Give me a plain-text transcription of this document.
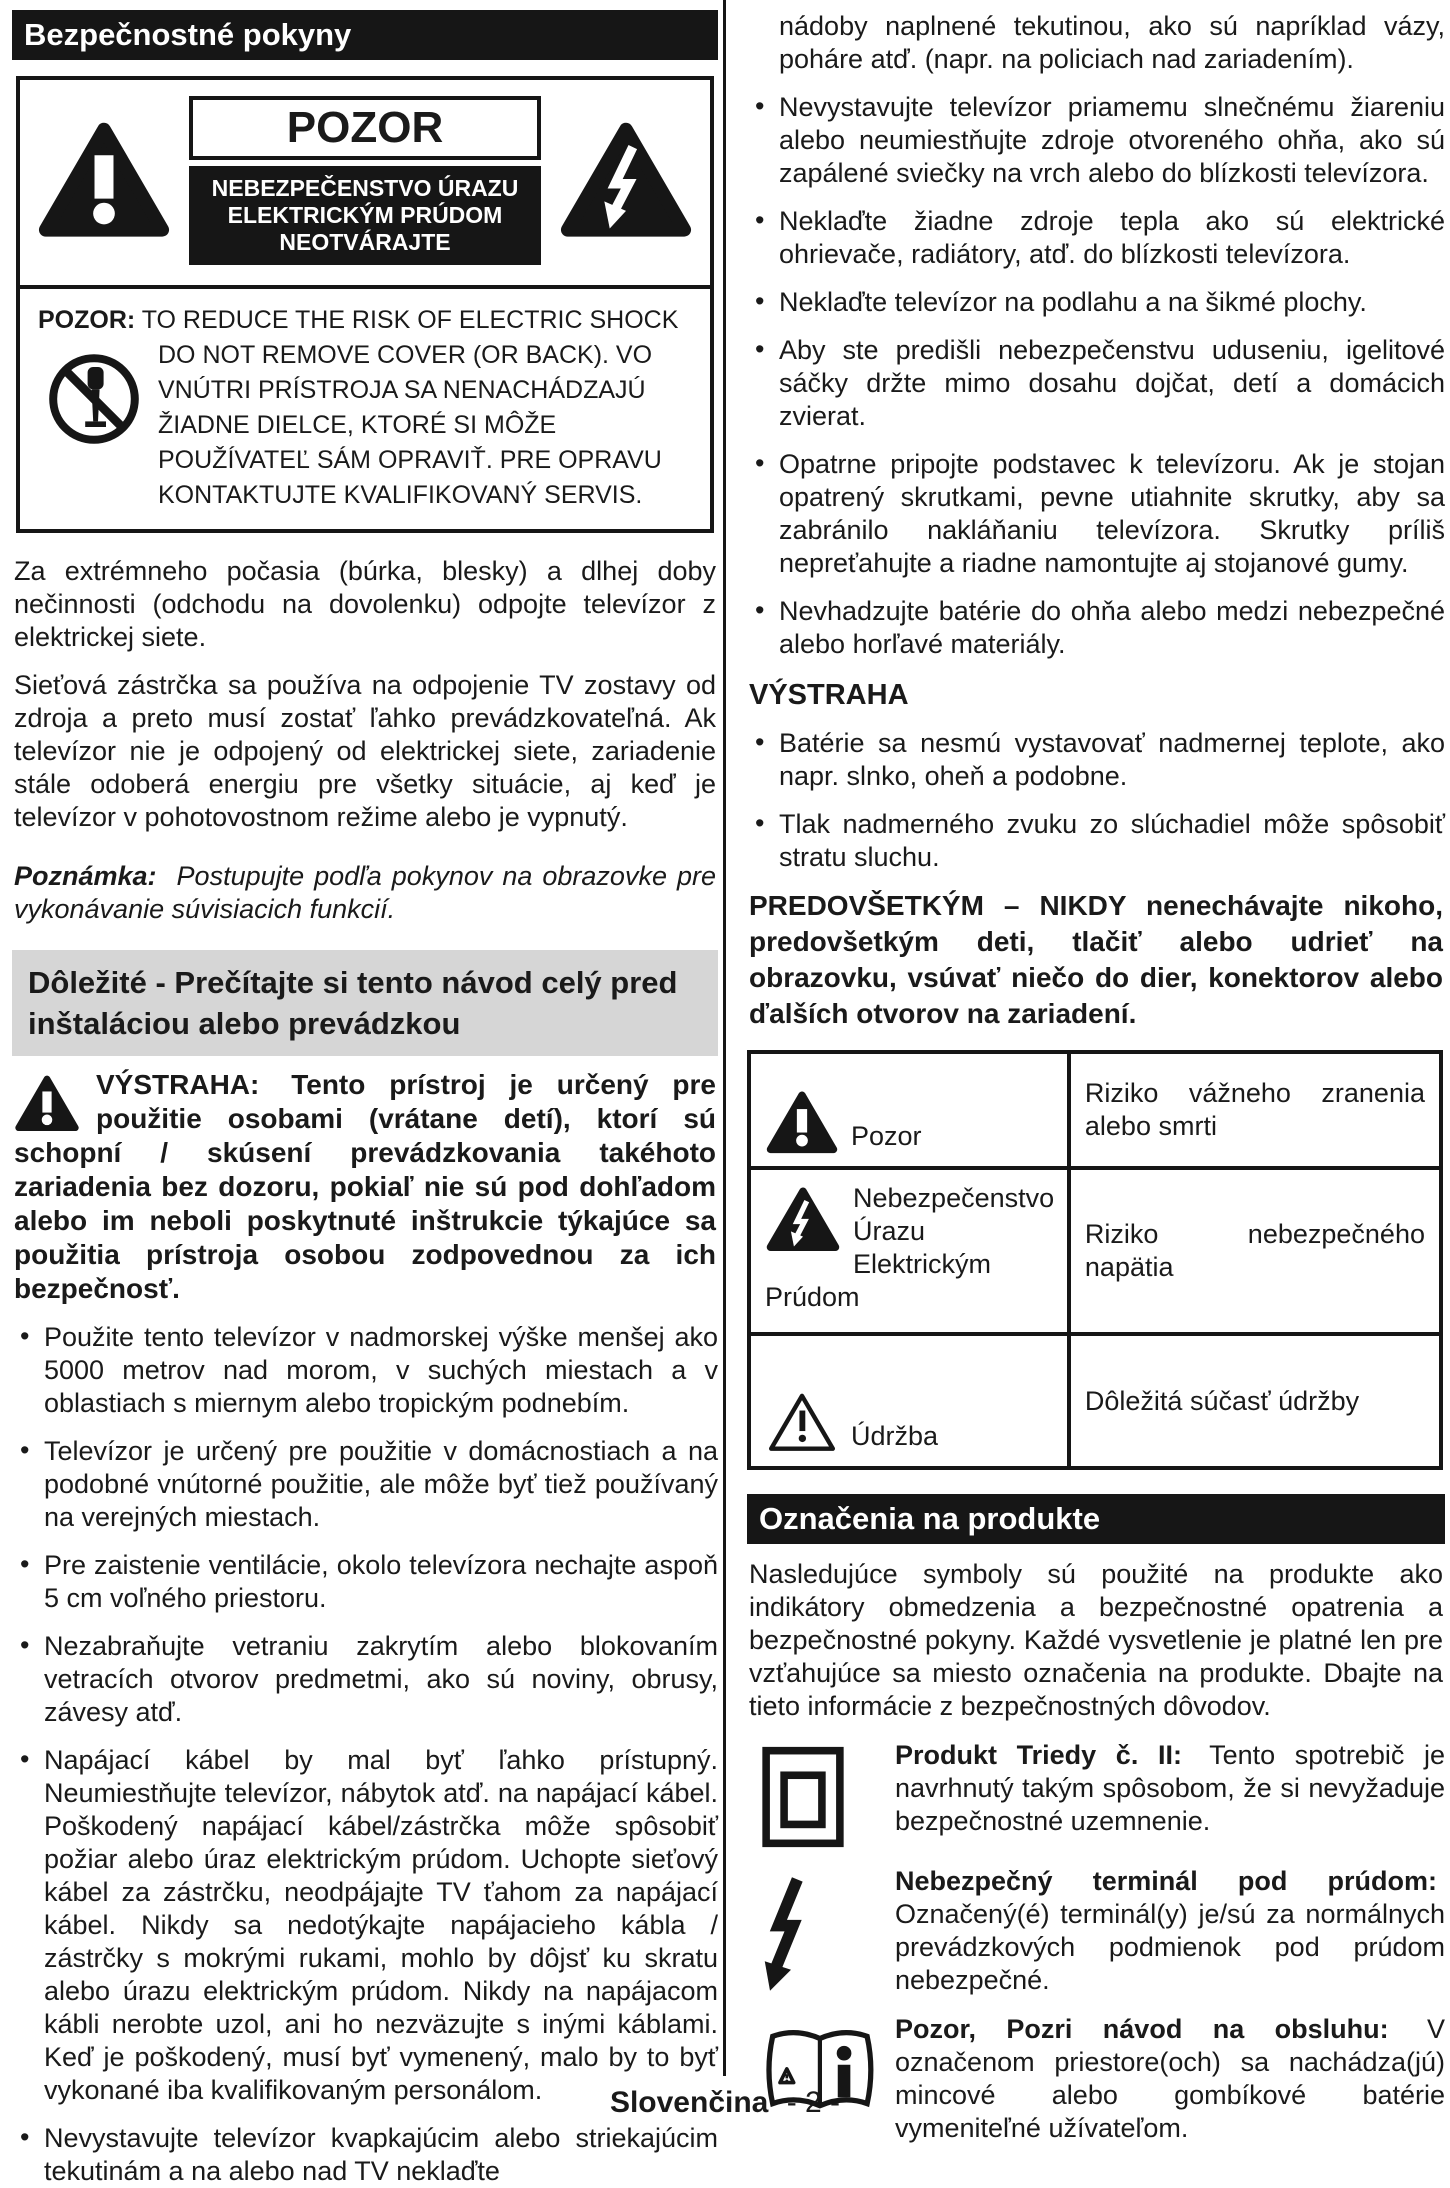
Bezpečnostné pokyny
POZOR
NEBEZPEČENSTVO ÚRAZU
ELEKTRICKÝM PRÚDOM
NEOTVÁRAJTE
POZOR: TO REDUCE THE RISK OF ELECTRIC SHOCK DO NOT REMOVE COVER (OR BACK). VO VNÚTRI PRÍSTROJA SA NENACHÁDZAJÚ ŽIADNE DIELCE, KTORÉ SI MÔŽE POUŽÍVATEĽ SÁM OPRAVIŤ. PRE OPRAVU KONTAKTUJTE KVALIFIKOVANÝ SERVIS.

Za extrémneho počasia (búrka, blesky) a dlhej doby nečinnosti (odchodu na dovolenku) odpojte televízor z elektrickej siete.

Sieťová zástrčka sa používa na odpojenie TV zostavy od zdroja a preto musí zostať ľahko prevádzkovateľná. Ak televízor nie je odpojený od elektrickej siete, zariadenie stále odoberá energiu pre všetky situácie, aj keď je televízor v pohotovostnom režime alebo je vypnutý.

Poznámka: Postupujte podľa pokynov na obrazovke pre vykonávanie súvisiacich funkcií.

Dôležité - Prečítajte si tento návod celý pred inštaláciou alebo prevádzkou
VÝSTRAHA: Tento prístroj je určený pre použitie osobami (vrátane detí), ktorí sú schopní / skúsení prevádzkovania takéhoto zariadenia bez dozoru, pokiaľ nie sú pod dohľadom alebo im neboli poskytnuté inštrukcie týkajúce sa použitia prístroja osobou zodpovednou za ich bezpečnosť.
• Použite tento televízor v nadmorskej výške menšej ako 5000 metrov nad morom, v suchých miestach a v oblastiach s miernym alebo tropickým podnebím.
• Televízor je určený pre použitie v domácnostiach a na podobné vnútorné použitie, ale môže byť tiež používaný na verejných miestach.
• Pre zaistenie ventilácie, okolo televízora nechajte aspoň 5 cm voľného priestoru.
• Nezabraňujte vetraniu zakrytím alebo blokovaním vetracích otvorov predmetmi, ako sú noviny, obrusy, závesy atď.
• Napájací kábel by mal byť ľahko prístupný. Neumiestňujte televízor, nábytok atď. na napájací kábel. Poškodený napájací kábel/zástrčka môže spôsobiť požiar alebo úraz elektrickým prúdom. Uchopte sieťový kábel za zástrčku, neodpájajte TV ťahom za napájací kábel. Nikdy sa nedotýkajte napájacieho kábla / zástrčky s mokrými rukami, mohlo by dôjsť ku skratu alebo úrazu elektrickým prúdom. Nikdy na napájacom kábli nerobte uzol, ani ho nezväzujte s inými káblami. Keď je poškodený, musí byť vymenený, malo by to byť vykonané iba kvalifikovaným personálom.
• Nevystavujte televízor kvapkajúcim alebo striekajúcim tekutinám a na alebo nad TV neklaďte
nádoby naplnené tekutinou, ako sú napríklad vázy, poháre atď. (napr. na policiach nad zariadením).
• Nevystavujte televízor priamemu slnečnému žiareniu alebo neumiestňujte zdroje otvoreného ohňa, ako sú zapálené sviečky na vrch alebo do blízkosti televízora.
• Neklaďte žiadne zdroje tepla ako sú elektrické ohrievače, radiátory, atď. do blízkosti televízora.
• Neklaďte televízor na podlahu a na šikmé plochy.
• Aby ste predišli nebezpečenstvu uduseniu, igelitové sáčky držte mimo dosahu dojčat, detí a domácich zvierat.
• Opatrne pripojte podstavec k televízoru. Ak je stojan opatrený skrutkami, pevne utiahnite skrutky, aby sa zabránilo nakláňaniu televízora. Skrutky príliš nepreťahujte a riadne namontujte aj stojanové gumy.
• Nevhadzujte batérie do ohňa alebo medzi nebezpečné alebo horľavé materiály.
VÝSTRAHA
• Batérie sa nesmú vystavovať nadmernej teplote, ako napr. slnko, oheň a podobne.
• Tlak nadmerného zvuku zo slúchadiel môže spôsobiť stratu sluchu.
PREDOVŠETKÝM – NIKDY nenechávajte nikoho, predovšetkým deti, tlačiť alebo udrieť na obrazovku, vsúvať niečo do dier, konektorov alebo ďalších otvorov na zariadení.
Pozor
Riziko vážneho zranenia alebo smrti
Nebezpečenstvo Úrazu Elektrickým Prúdom
Riziko nebezpečného napätia
Údržba
Dôležitá súčasť údržby
Označenia na produkte

Nasledujúce symboly sú použité na produkte ako indikátory obmedzenia a bezpečnostné opatrenia a bezpečnostné pokyny. Každé vysvetlenie je platné len pre vzťahujúce sa miesto označenia na produkte. Dbajte na tieto informácie z bezpečnostných dôvodov.

Produkt Triedy č. II: Tento spotrebič je navrhnutý takým spôsobom, že si nevyžaduje bezpečnostné uzemnenie.
Nebezpečný terminál pod prúdom: Označený(é) terminál(y) je/sú za normálnych prevádzkových podmienok pod prúdom nebezpečné.
Pozor, Pozri návod na obsluhu: V označenom priestore(och) sa nachádza(jú) mincové alebo gombíkové batérie vymeniteľné užívateľom.
Slovenčina - 2 -
